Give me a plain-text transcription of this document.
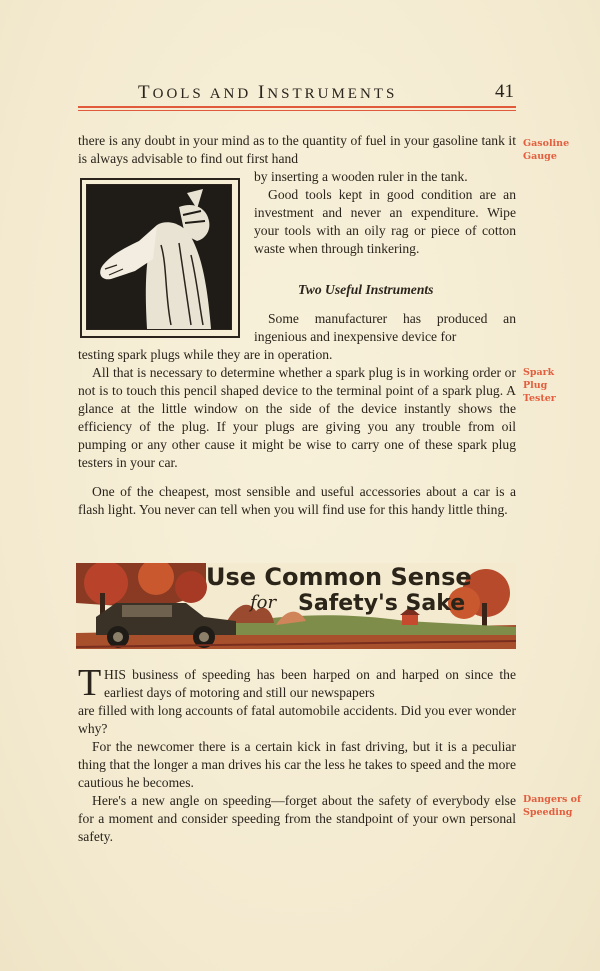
TOOLS AND INSTRUMENTS	41

there is any doubt in your mind as to the quantity of fuel in your gasoline tank it is always advisable to find out first hand

by inserting a wooden ruler in the tank.

Good tools kept in good condition are an investment and never an expenditure. Wipe your tools with an oily rag or piece of cotton waste when through tinkering.

Two Useful Instruments

Some manufacturer has produced an ingenious and inexpensive device for

testing spark plugs while they are in operation.

All that is necessary to determine whether a spark plug is in working order or not is to touch this pencil shaped device to the terminal point of a spark plug. A glance at the little window on the side of the device instantly shows the efficiency of the plug. If your plugs are giving you any trouble from oil pumping or any other cause it might be wise to carry one of these spark plug testers in your car.

One of the cheapest, most sensible and useful accessories about a car is a flash light. You never can tell when you will find use for this handy little thing.

Use Common Sense
for Safety's Sake
T HIS business of speeding has been harped on and harped on since the earliest days of motoring and still our newspapers

are filled with long accounts of fatal automobile accidents. Did you ever wonder why?

For the newcomer there is a certain kick in fast driving, but it is a peculiar thing that the longer a man drives his car the less he takes to speed and the more cautious he becomes.

Here's a new angle on speeding—forget about the safety of everybody else for a moment and consider speeding from the standpoint of your own personal safety.

Gasoline
Gauge
Spark
Plug
Tester
Dangers of
Speeding
